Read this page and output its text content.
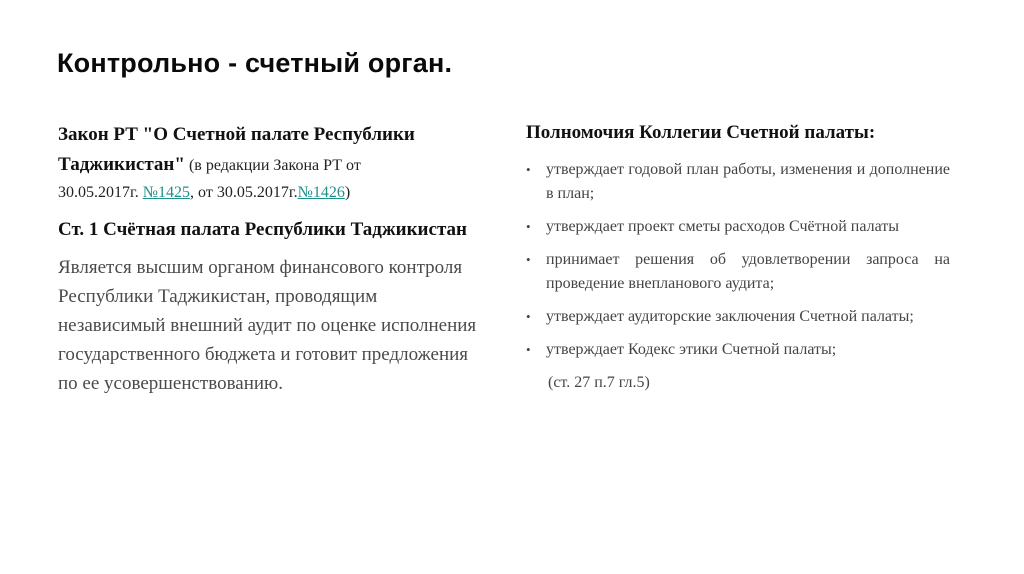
Контрольно - счетный орган.
Закон РТ "О Счетной палате Республики Таджикистан" (в редакции Закона РТ от
30.05.2017г. №1425, от 30.05.2017г.№1426)
Ст. 1 Счётная палата Республики Таджикистан
Является высшим органом финансового контроля Республики Таджикистан, проводящим независимый внешний аудит по оценке исполнения государственного бюджета и готовит предложения по ее усовершенствованию.
Полномочия Коллегии Счетной палаты:
• утверждает годовой план работы, изменения и дополнение в план;
• утверждает проект сметы расходов Счётной палаты
• принимает решения об удовлетворении запроса на проведение внепланового аудита;
• утверждает аудиторские заключения Счетной палаты;
• утверждает Кодекс этики Счетной палаты;
(ст. 27 п.7 гл.5)
